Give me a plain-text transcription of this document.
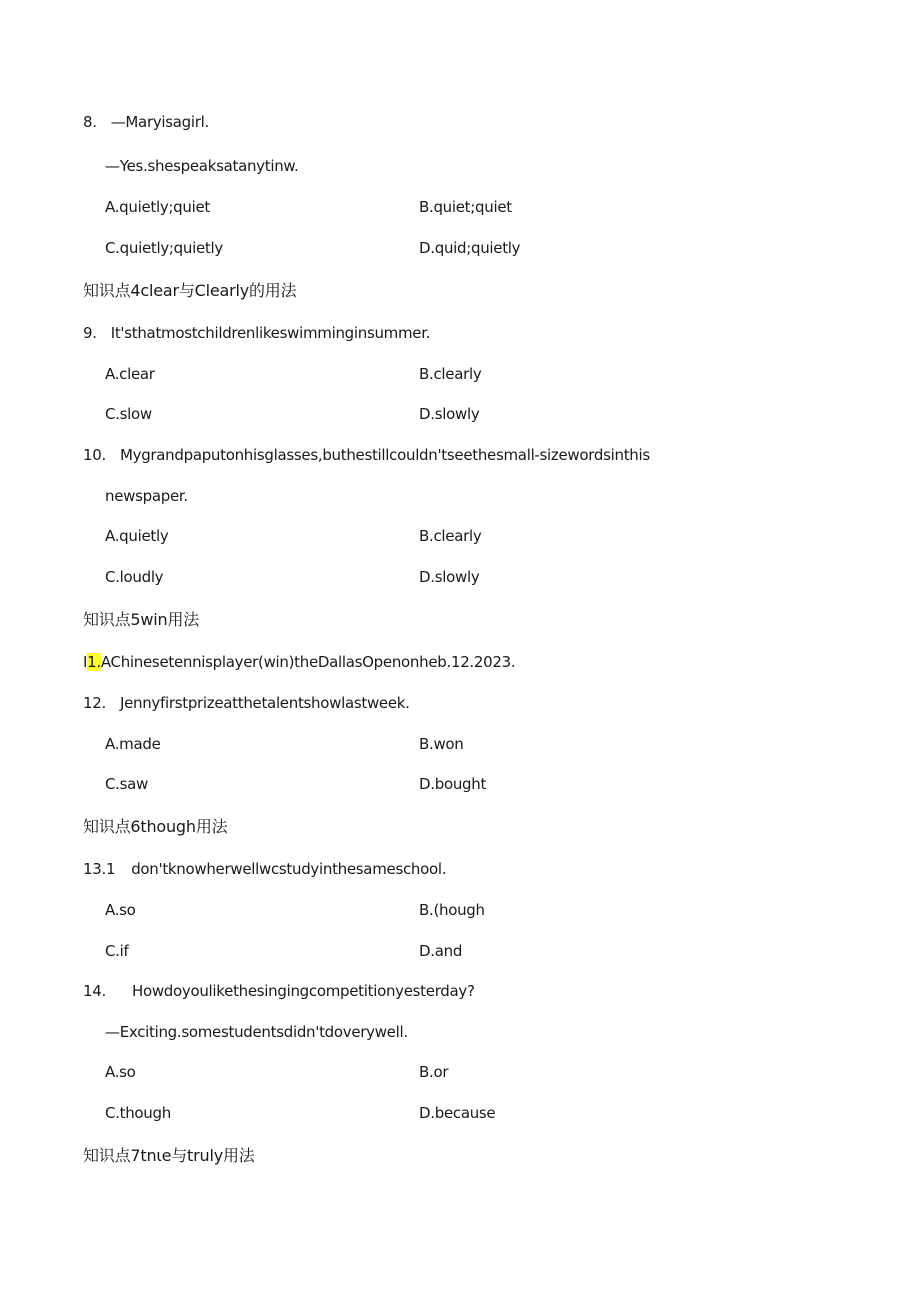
8. —Maryisagirl.
—Yes.shespeaksatanytinw.
A.quietly;quiet	B.quiet;quiet
C.quietly;quietly	D.quid;quietly
知识点4clear与Clearly的用法
9. It'sthatmostchildrenlikeswimminginsummer.
A.clear	B.clearly
C.slow	D.slowly
10. Mygrandpaputonhisglasses,buthestillcouldn'tseethesmall-sizewordsinthis
newspaper.
A.quietly	B.clearly
C.loudly	D.slowly
知识点5win用法
I1.AChinesetennisplayer(win)theDallasOpenonheb.12.2023.
12. Jennyfirstprizeatthetalentshowlastweek.
A.made	B.won
C.saw	D.bought
知识点6though用法
13.1 don'tknowherwellwcstudyinthesameschool.
A.so	B.(hough
C.if	D.and
14. Howdoyoulikethesingingcompetitionyesterday?
—Exciting.somestudentsdidn'tdoverywell.
A.so	B.or
C.though	D.because
知识点7tnιe与truly用法
